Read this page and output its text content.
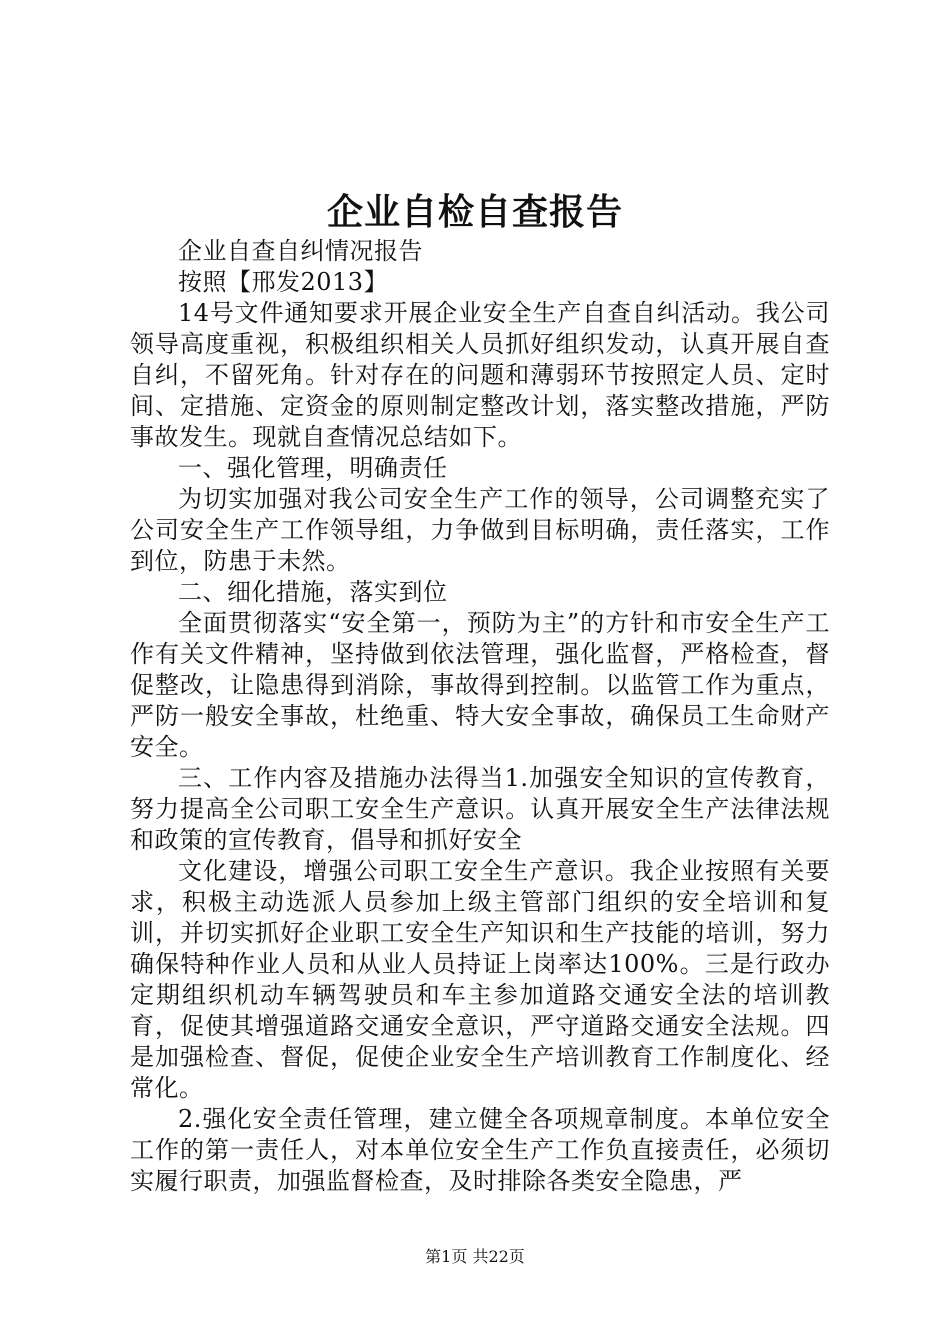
企业自检自查报告

企业自查自纠情况报告

按照【邢发2013】

14号文件通知要求开展企业安全生产自查自纠活动。我公司领导高度重视，积极组织相关人员抓好组织发动，认真开展自查自纠，不留死角。针对存在的问题和薄弱环节按照定人员、定时间、定措施、定资金的原则制定整改计划，落实整改措施，严防事故发生。现就自查情况总结如下。

一、强化管理，明确责任

为切实加强对我公司安全生产工作的领导，公司调整充实了公司安全生产工作领导组，力争做到目标明确，责任落实，工作到位，防患于未然。

二、细化措施，落实到位

全面贯彻落实“安全第一，预防为主”的方针和市安全生产工作有关文件精神，坚持做到依法管理，强化监督，严格检查，督促整改，让隐患得到消除，事故得到控制。以监管工作为重点，严防一般安全事故，杜绝重、特大安全事故，确保员工生命财产安全。

三、工作内容及措施办法得当1.加强安全知识的宣传教育，努力提高全公司职工安全生产意识。认真开展安全生产法律法规和政策的宣传教育，倡导和抓好安全

文化建设，增强公司职工安全生产意识。我企业按照有关要求，积极主动选派人员参加上级主管部门组织的安全培训和复训，并切实抓好企业职工安全生产知识和生产技能的培训，努力确保特种作业人员和从业人员持证上岗率达100%。三是行政办定期组织机动车辆驾驶员和车主参加道路交通安全法的培训教育，促使其增强道路交通安全意识，严守道路交通安全法规。四是加强检查、督促，促使企业安全生产培训教育工作制度化、经常化。

2.强化安全责任管理，建立健全各项规章制度。本单位安全工作的第一责任人，对本单位安全生产工作负直接责任，必须切实履行职责，加强监督检查，及时排除各类安全隐患，严

第1页 共22页
